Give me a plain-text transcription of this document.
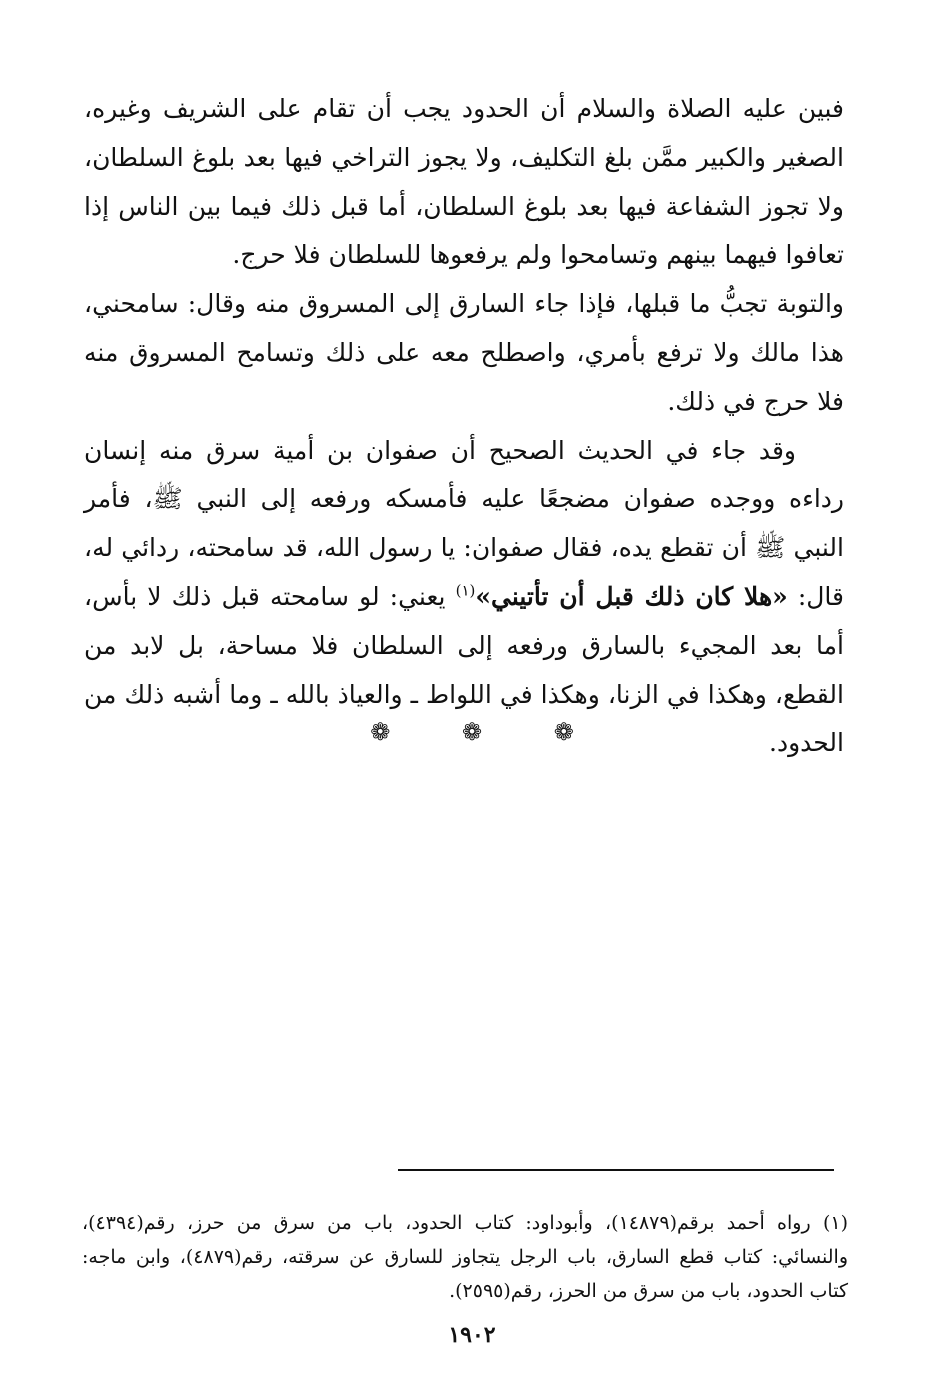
فبين عليه الصلاة والسلام أن الحدود يجب أن تقام على الشريف وغيره، الصغير والكبير ممَّن بلغ التكليف، ولا يجوز التراخي فيها بعد بلوغ السلطان، ولا تجوز الشفاعة فيها بعد بلوغ السلطان، أما قبل ذلك فيما بين الناس إذا تعافوا فيهما بينهم وتسامحوا ولم يرفعوها للسلطان فلا حرج.

والتوبة تجبُّ ما قبلها، فإذا جاء السارق إلى المسروق منه وقال: سامحني، هذا مالك ولا ترفع بأمري، واصطلح معه على ذلك وتسامح المسروق منه فلا حرج في ذلك.

وقد جاء في الحديث الصحيح أن صفوان بن أمية سرق منه إنسان رداءه ووجده صفوان مضجعًا عليه فأمسكه ورفعه إلى النبي ﷺ، فأمر النبي ﷺ أن تقطع يده، فقال صفوان: يا رسول الله، قد سامحته، ردائي له، قال: «هلا كان ذلك قبل أن تأتيني»$^{(١)}$ يعني: لو سامحته قبل ذلك لا بأس، أما بعد المجيء بالسارق ورفعه إلى السلطان فلا مساحة، بل لابد من القطع، وهكذا في الزنا، وهكذا في اللواط ـ والعياذ بالله ـ وما أشبه ذلك من الحدود.

❁	❁	❁
(١) رواه أحمد برقم(١٤٨٧٩)، وأبوداود: كتاب الحدود، باب من سرق من حرز، رقم(٤٣٩٤)، والنسائي: كتاب قطع السارق، باب الرجل يتجاوز للسارق عن سرقته، رقم(٤٨٧٩)، وابن ماجه: كتاب الحدود، باب من سرق من الحرز، رقم(٢٥٩٥).
١٩٠٢
